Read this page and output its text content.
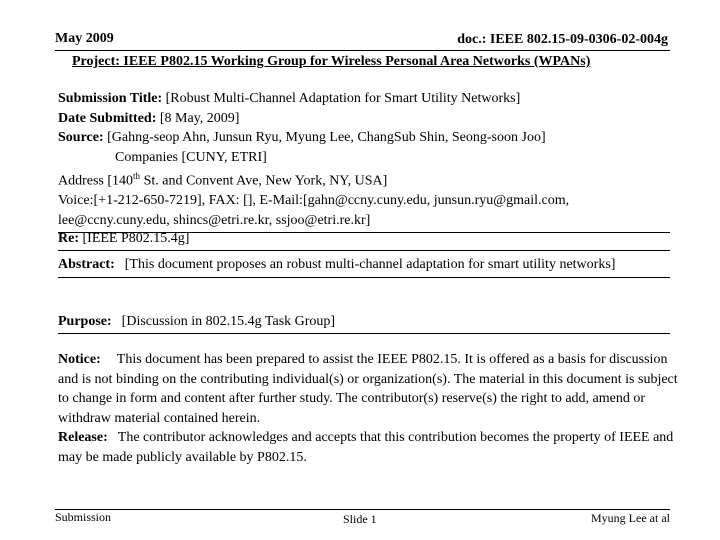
May 2009	doc.: IEEE 802.15-09-0306-02-004g
Project: IEEE P802.15 Working Group for Wireless Personal Area Networks (WPANs)
Submission Title: [Robust Multi-Channel Adaptation for Smart Utility Networks]
Date Submitted: [8 May, 2009]
Source: [Gahng-seop Ahn, Junsun Ryu, Myung Lee, ChangSub Shin, Seong-soon Joo]
Companies [CUNY, ETRI]
Address [140th St. and Convent Ave, New York, NY, USA]
Voice:[+1-212-650-7219], FAX: [], E-Mail:[gahn@ccny.cuny.edu, junsun.ryu@gmail.com,
lee@ccny.cuny.edu, shincs@etri.re.kr, ssjoo@etri.re.kr]
Re: [IEEE P802.15.4g]
Abstract: [This document proposes an robust multi-channel adaptation for smart utility networks]
Purpose: [Discussion in 802.15.4g Task Group]
Notice: This document has been prepared to assist the IEEE P802.15. It is offered as a basis for discussion and is not binding on the contributing individual(s) or organization(s). The material in this document is subject to change in form and content after further study. The contributor(s) reserve(s) the right to add, amend or withdraw material contained herein.
Release: The contributor acknowledges and accepts that this contribution becomes the property of IEEE and may be made publicly available by P802.15.
Submission	Slide 1	Myung Lee at al
